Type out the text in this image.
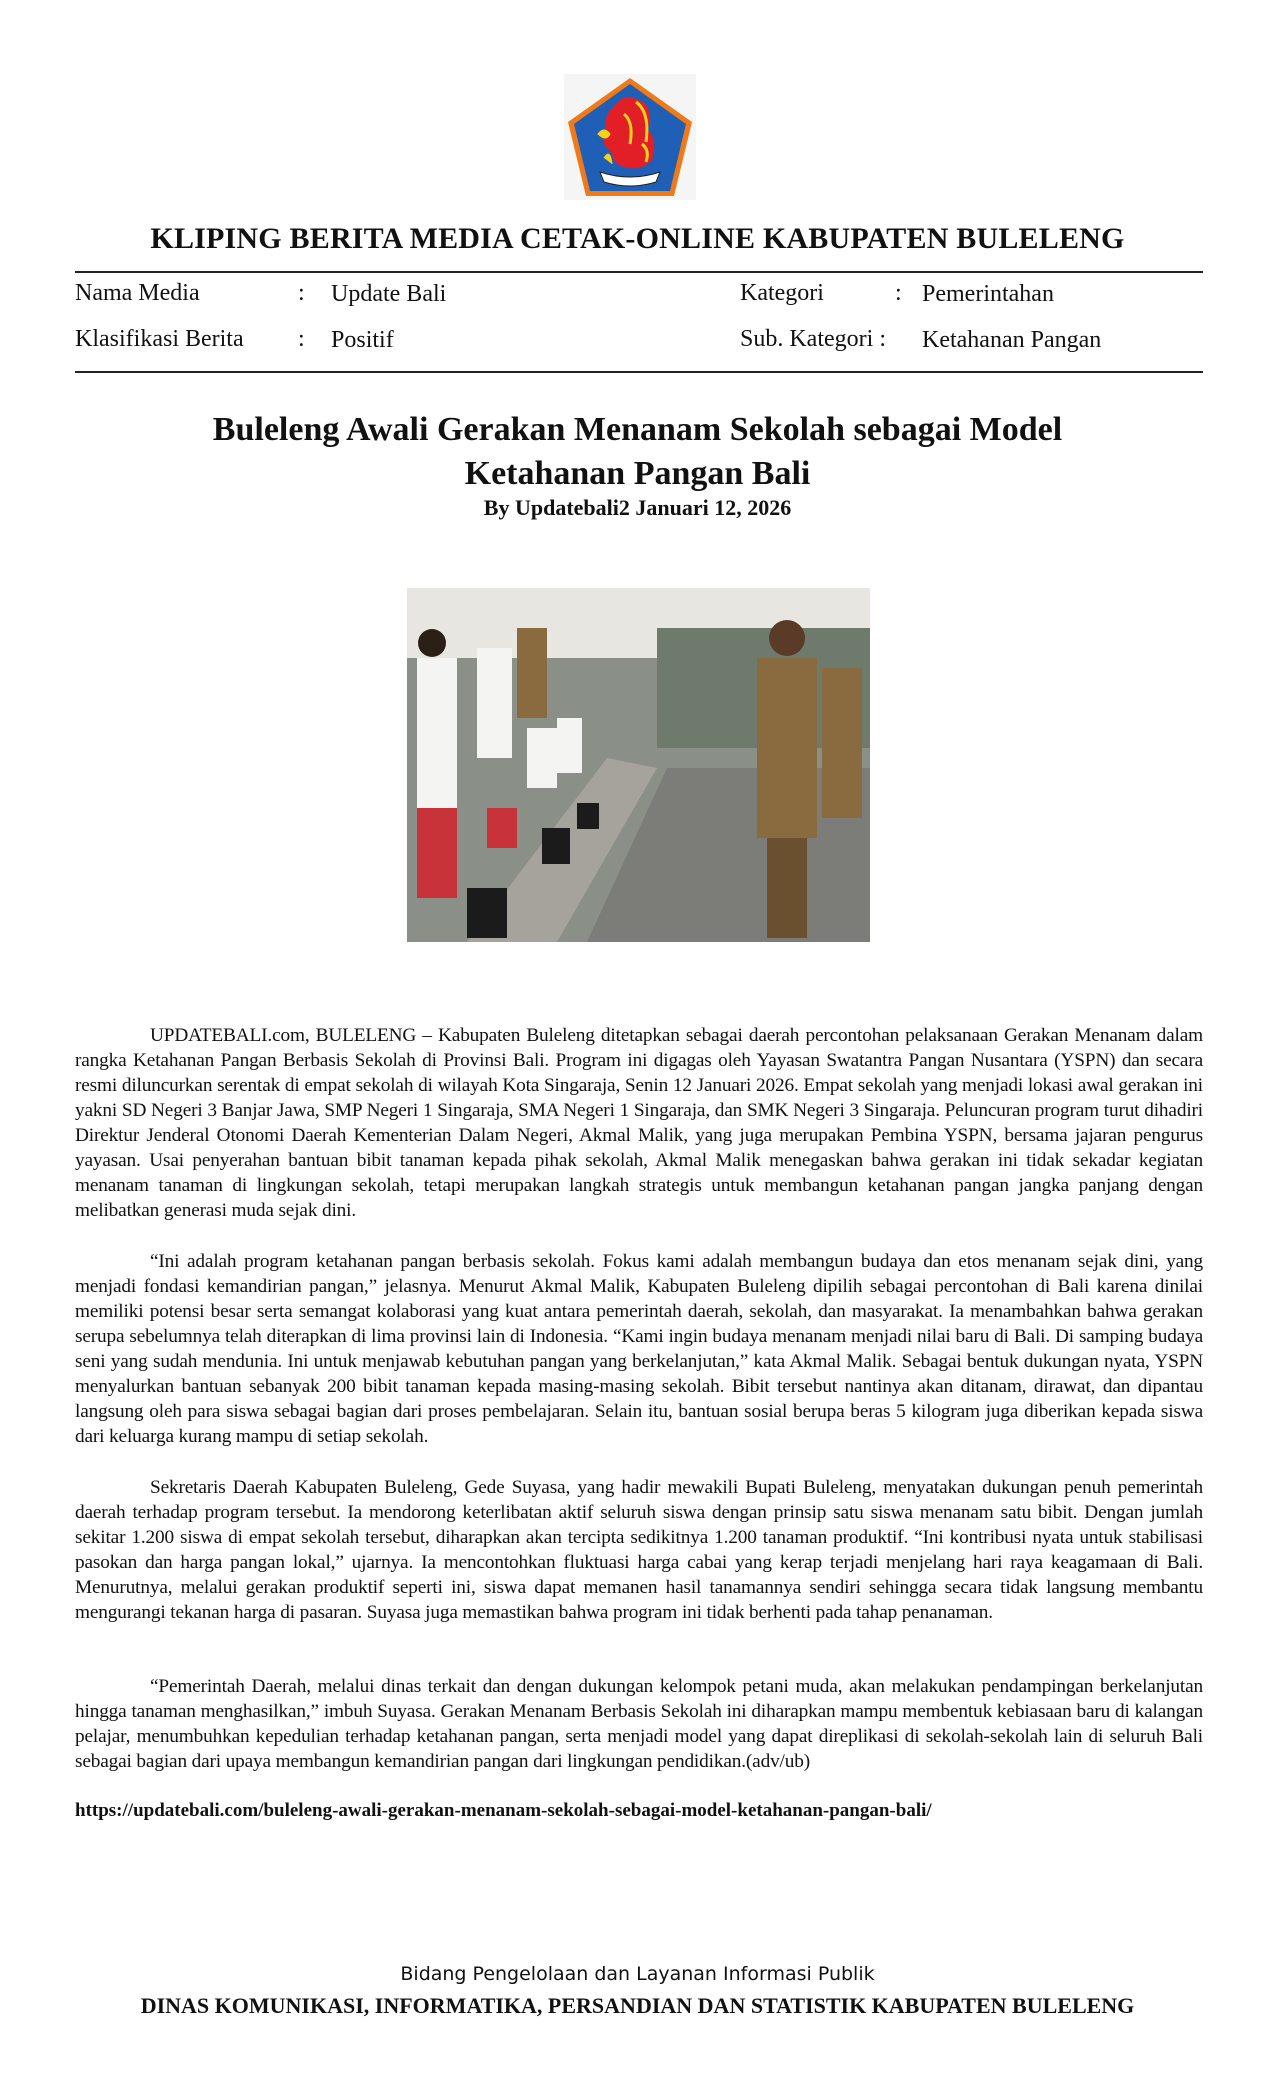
KLIPING BERITA MEDIA CETAK-ONLINE KABUPATEN BULELENG
Nama Media	: Update Bali	Kategori	: Pemerintahan
Klasifikasi Berita : Positif	Sub. Kategori : Ketahanan Pangan
Buleleng Awali Gerakan Menanam Sekolah sebagai Model Ketahanan Pangan Bali
By Updatebali2 Januari 12, 2026

UPDATEBALI.com, BULELENG – Kabupaten Buleleng ditetapkan sebagai daerah percontohan pelaksanaan Gerakan Menanam dalam rangka Ketahanan Pangan Berbasis Sekolah di Provinsi Bali. Program ini digagas oleh Yayasan Swatantra Pangan Nusantara (YSPN) dan secara resmi diluncurkan serentak di empat sekolah di wilayah Kota Singaraja, Senin 12 Januari 2026. Empat sekolah yang menjadi lokasi awal gerakan ini yakni SD Negeri 3 Banjar Jawa, SMP Negeri 1 Singaraja, SMA Negeri 1 Singaraja, dan SMK Negeri 3 Singaraja. Peluncuran program turut dihadiri Direktur Jenderal Otonomi Daerah Kementerian Dalam Negeri, Akmal Malik, yang juga merupakan Pembina YSPN, bersama jajaran pengurus yayasan. Usai penyerahan bantuan bibit tanaman kepada pihak sekolah, Akmal Malik menegaskan bahwa gerakan ini tidak sekadar kegiatan menanam tanaman di lingkungan sekolah, tetapi merupakan langkah strategis untuk membangun ketahanan pangan jangka panjang dengan melibatkan generasi muda sejak dini.

“Ini adalah program ketahanan pangan berbasis sekolah. Fokus kami adalah membangun budaya dan etos menanam sejak dini, yang menjadi fondasi kemandirian pangan,” jelasnya. Menurut Akmal Malik, Kabupaten Buleleng dipilih sebagai percontohan di Bali karena dinilai memiliki potensi besar serta semangat kolaborasi yang kuat antara pemerintah daerah, sekolah, dan masyarakat. Ia menambahkan bahwa gerakan serupa sebelumnya telah diterapkan di lima provinsi lain di Indonesia. “Kami ingin budaya menanam menjadi nilai baru di Bali. Di samping budaya seni yang sudah mendunia. Ini untuk menjawab kebutuhan pangan yang berkelanjutan,” kata Akmal Malik. Sebagai bentuk dukungan nyata, YSPN menyalurkan bantuan sebanyak 200 bibit tanaman kepada masing-masing sekolah. Bibit tersebut nantinya akan ditanam, dirawat, dan dipantau langsung oleh para siswa sebagai bagian dari proses pembelajaran. Selain itu, bantuan sosial berupa beras 5 kilogram juga diberikan kepada siswa dari keluarga kurang mampu di setiap sekolah.

Sekretaris Daerah Kabupaten Buleleng, Gede Suyasa, yang hadir mewakili Bupati Buleleng, menyatakan dukungan penuh pemerintah daerah terhadap program tersebut. Ia mendorong keterlibatan aktif seluruh siswa dengan prinsip satu siswa menanam satu bibit. Dengan jumlah sekitar 1.200 siswa di empat sekolah tersebut, diharapkan akan tercipta sedikitnya 1.200 tanaman produktif. “Ini kontribusi nyata untuk stabilisasi pasokan dan harga pangan lokal,” ujarnya. Ia mencontohkan fluktuasi harga cabai yang kerap terjadi menjelang hari raya keagamaan di Bali. Menurutnya, melalui gerakan produktif seperti ini, siswa dapat memanen hasil tanamannya sendiri sehingga secara tidak langsung membantu mengurangi tekanan harga di pasaran. Suyasa juga memastikan bahwa program ini tidak berhenti pada tahap penanaman.

“Pemerintah Daerah, melalui dinas terkait dan dengan dukungan kelompok petani muda, akan melakukan pendampingan berkelanjutan hingga tanaman menghasilkan,” imbuh Suyasa. Gerakan Menanam Berbasis Sekolah ini diharapkan mampu membentuk kebiasaan baru di kalangan pelajar, menumbuhkan kepedulian terhadap ketahanan pangan, serta menjadi model yang dapat direplikasi di sekolah-sekolah lain di seluruh Bali sebagai bagian dari upaya membangun kemandirian pangan dari lingkungan pendidikan.(adv/ub)

https://updatebali.com/buleleng-awali-gerakan-menanam-sekolah-sebagai-model-ketahanan-pangan-bali/
Bidang Pengelolaan dan Layanan Informasi Publik
DINAS KOMUNIKASI, INFORMATIKA, PERSANDIAN DAN STATISTIK KABUPATEN BULELENG
